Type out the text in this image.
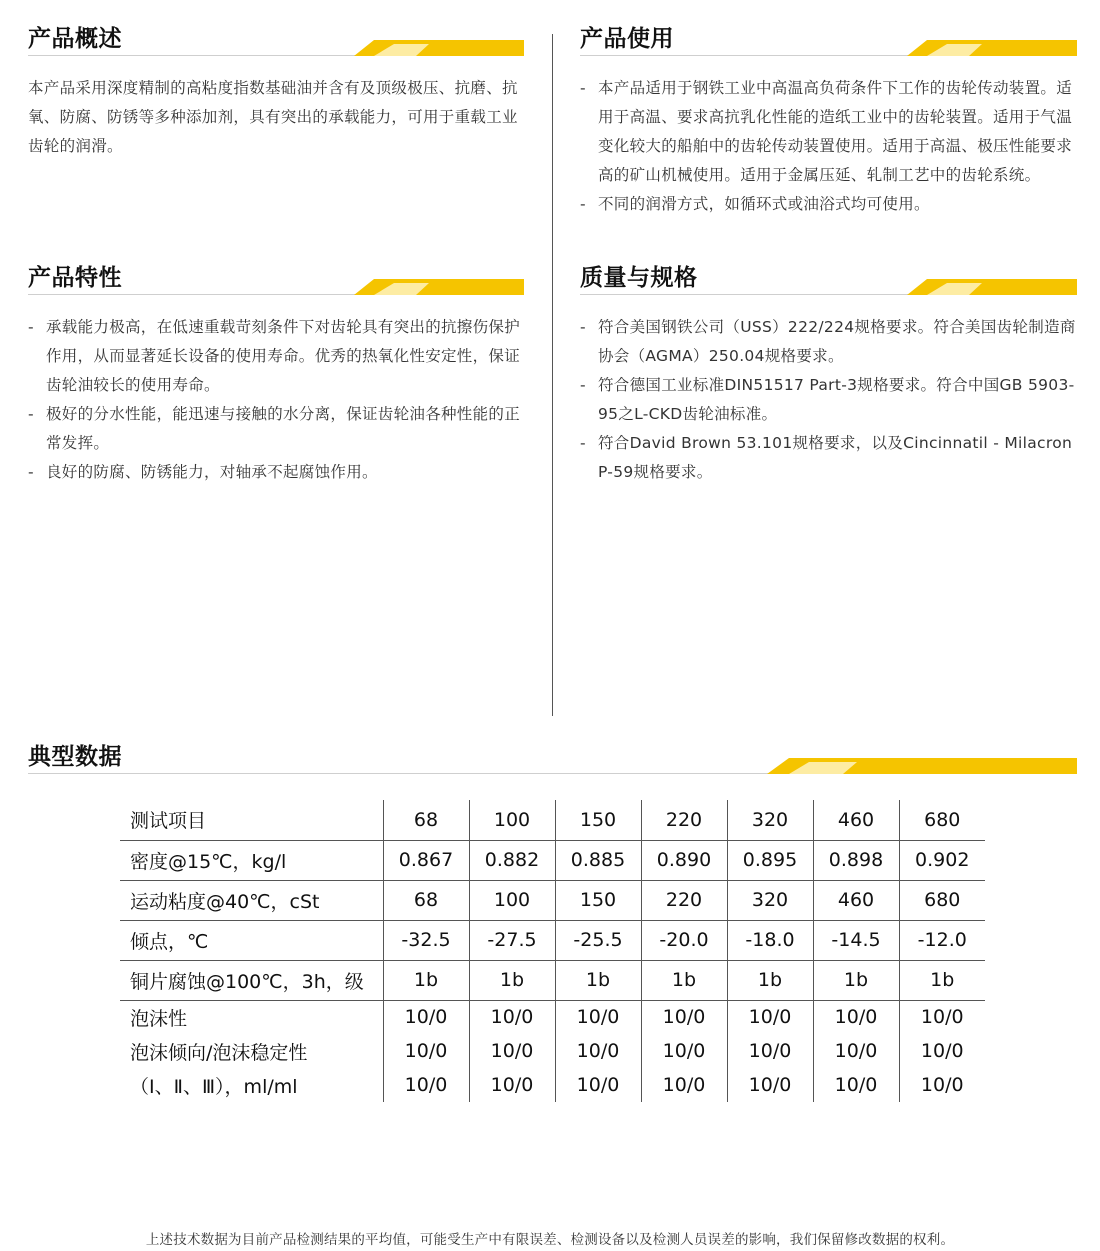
产品概述

本产品采用深度精制的高粘度指数基础油并含有及顶级极压、抗磨、抗氧、防腐、防锈等多种添加剂，具有突出的承载能力，可用于重载工业齿轮的润滑。

产品使用
- 本产品适用于钢铁工业中高温高负荷条件下工作的齿轮传动装置。适用于高温、要求高抗乳化性能的造纸工业中的齿轮装置。适用于气温变化较大的船舶中的齿轮传动装置使用。适用于高温、极压性能要求高的矿山机械使用。适用于金属压延、轧制工艺中的齿轮系统。
- 不同的润滑方式，如循环式或油浴式均可使用。
产品特性
- 承载能力极高，在低速重载苛刻条件下对齿轮具有突出的抗擦伤保护作用，从而显著延长设备的使用寿命。优秀的热氧化性安定性，保证齿轮油较长的使用寿命。
- 极好的分水性能，能迅速与接触的水分离，保证齿轮油各种性能的正常发挥。
- 良好的防腐、防锈能力，对轴承不起腐蚀作用。
质量与规格
- 符合美国钢铁公司（USS）222/224规格要求。符合美国齿轮制造商协会（AGMA）250.04规格要求。
- 符合德国工业标准DIN51517 Part-3规格要求。符合中国GB 5903-95之L-CKD齿轮油标准。
- 符合David Brown 53.101规格要求，以及Cincinnatil - Milacron P-59规格要求。
典型数据
测试项目	68	100	150	220	320	460	680
密度@15℃，kg/l	0.867	0.882	0.885	0.890	0.895	0.898	0.902
运动粘度@40℃，cSt	68	100	150	220	320	460	680
倾点，℃	-32.5	-27.5	-25.5	-20.0	-18.0	-14.5	-12.0
铜片腐蚀@100℃，3h，级	1b	1b	1b	1b	1b	1b	1b
泡沫性	10/0	10/0	10/0	10/0	10/0	10/0	10/0
泡沫倾向/泡沫稳定性	10/0	10/0	10/0	10/0	10/0	10/0	10/0
（Ⅰ、Ⅱ、Ⅲ），ml/ml	10/0	10/0	10/0	10/0	10/0	10/0	10/0
上述技术数据为目前产品检测结果的平均值，可能受生产中有限误差、检测设备以及检测人员误差的影响，我们保留修改数据的权利。
